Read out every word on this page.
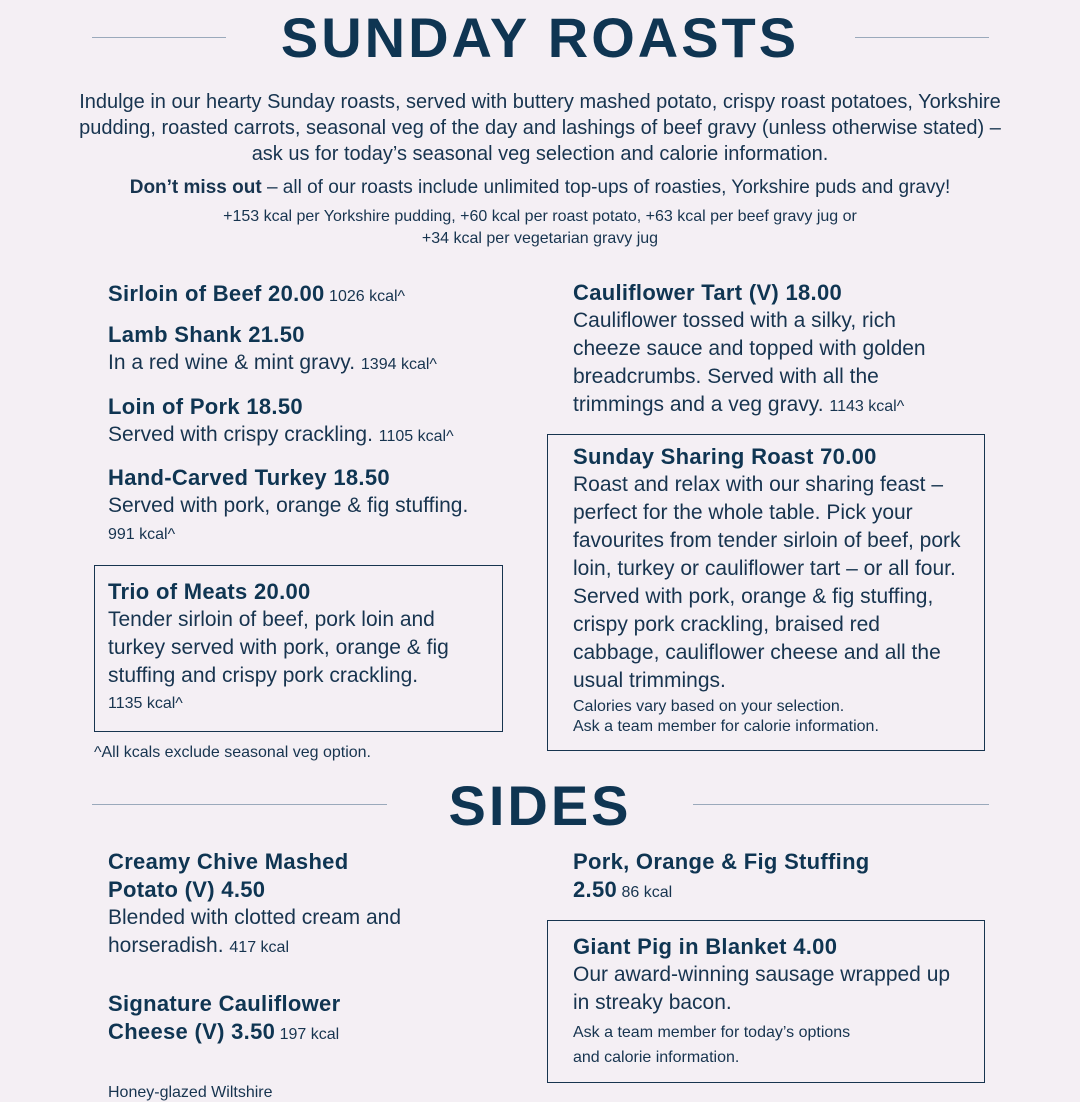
SUNDAY ROASTS

Indulge in our hearty Sunday roasts, served with buttery mashed potato, crispy roast potatoes, Yorkshire pudding, roasted carrots, seasonal veg of the day and lashings of beef gravy (unless otherwise stated) – ask us for today’s seasonal veg selection and calorie information.

Don’t miss out – all of our roasts include unlimited top-ups of roasties, Yorkshire puds and gravy!

+153 kcal per Yorkshire pudding, +60 kcal per roast potato, +63 kcal per beef gravy jug or
+34 kcal per vegetarian gravy jug

Sirloin of Beef 20.00 1026 kcal^
Lamb Shank 21.50
In a red wine & mint gravy. 1394 kcal^
Loin of Pork 18.50
Served with crispy crackling. 1105 kcal^
Hand-Carved Turkey 18.50
Served with pork, orange & fig stuffing.
991 kcal^
Trio of Meats 20.00
Tender sirloin of beef, pork loin and turkey served with pork, orange & fig stuffing and crispy pork crackling.
1135 kcal^
^All kcals exclude seasonal veg option.
Cauliflower Tart (V) 18.00
Cauliflower tossed with a silky, rich cheeze sauce and topped with golden breadcrumbs. Served with all the trimmings and a veg gravy. 1143 kcal^
Sunday Sharing Roast 70.00
Roast and relax with our sharing feast – perfect for the whole table. Pick your favourites from tender sirloin of beef, pork loin, turkey or cauliflower tart – or all four. Served with pork, orange & fig stuffing, crispy pork crackling, braised red cabbage, cauliflower cheese and all the usual trimmings.
Calories vary based on your selection.
Ask a team member for calorie information.
SIDES
Creamy Chive Mashed
Potato (V) 4.50
Blended with clotted cream and horseradish. 417 kcal
Signature Cauliflower
Cheese (V) 3.50 197 kcal
Honey-glazed Wiltshire
Pork, Orange & Fig Stuffing
2.50 86 kcal
Giant Pig in Blanket 4.00
Our award-winning sausage wrapped up in streaky bacon.
Ask a team member for today’s options
and calorie information.
